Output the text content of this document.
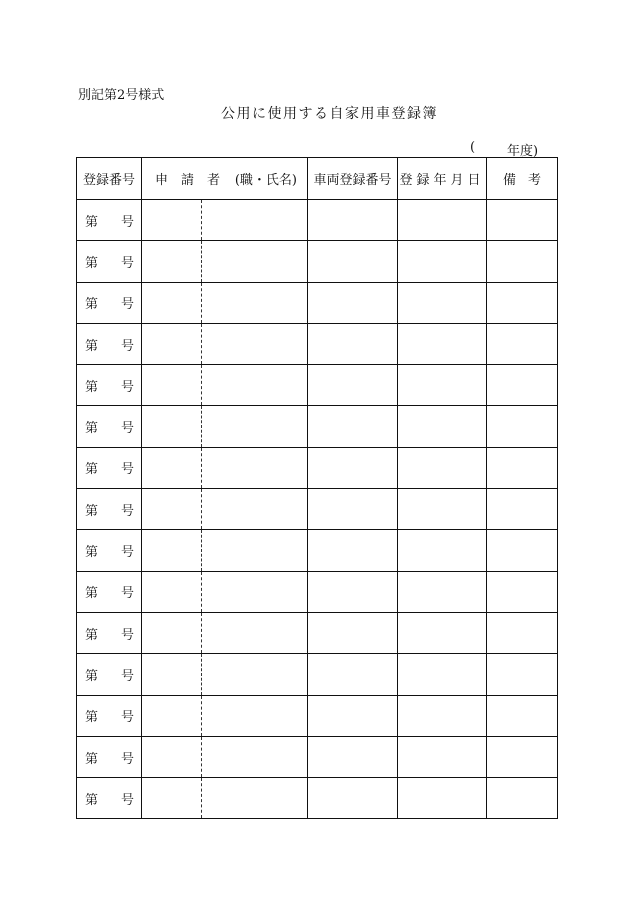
別記第2号様式
公用に使用する自家用車登録簿
( 年度)
登録番号	申　請　者 (職・氏名)	車両登録番号	登録年月日	備考

第 号				

第 号				

第 号				

第 号				

第 号				

第 号				

第 号				

第 号				

第 号				

第 号				

第 号				

第 号				

第 号				

第 号				

第 号				
